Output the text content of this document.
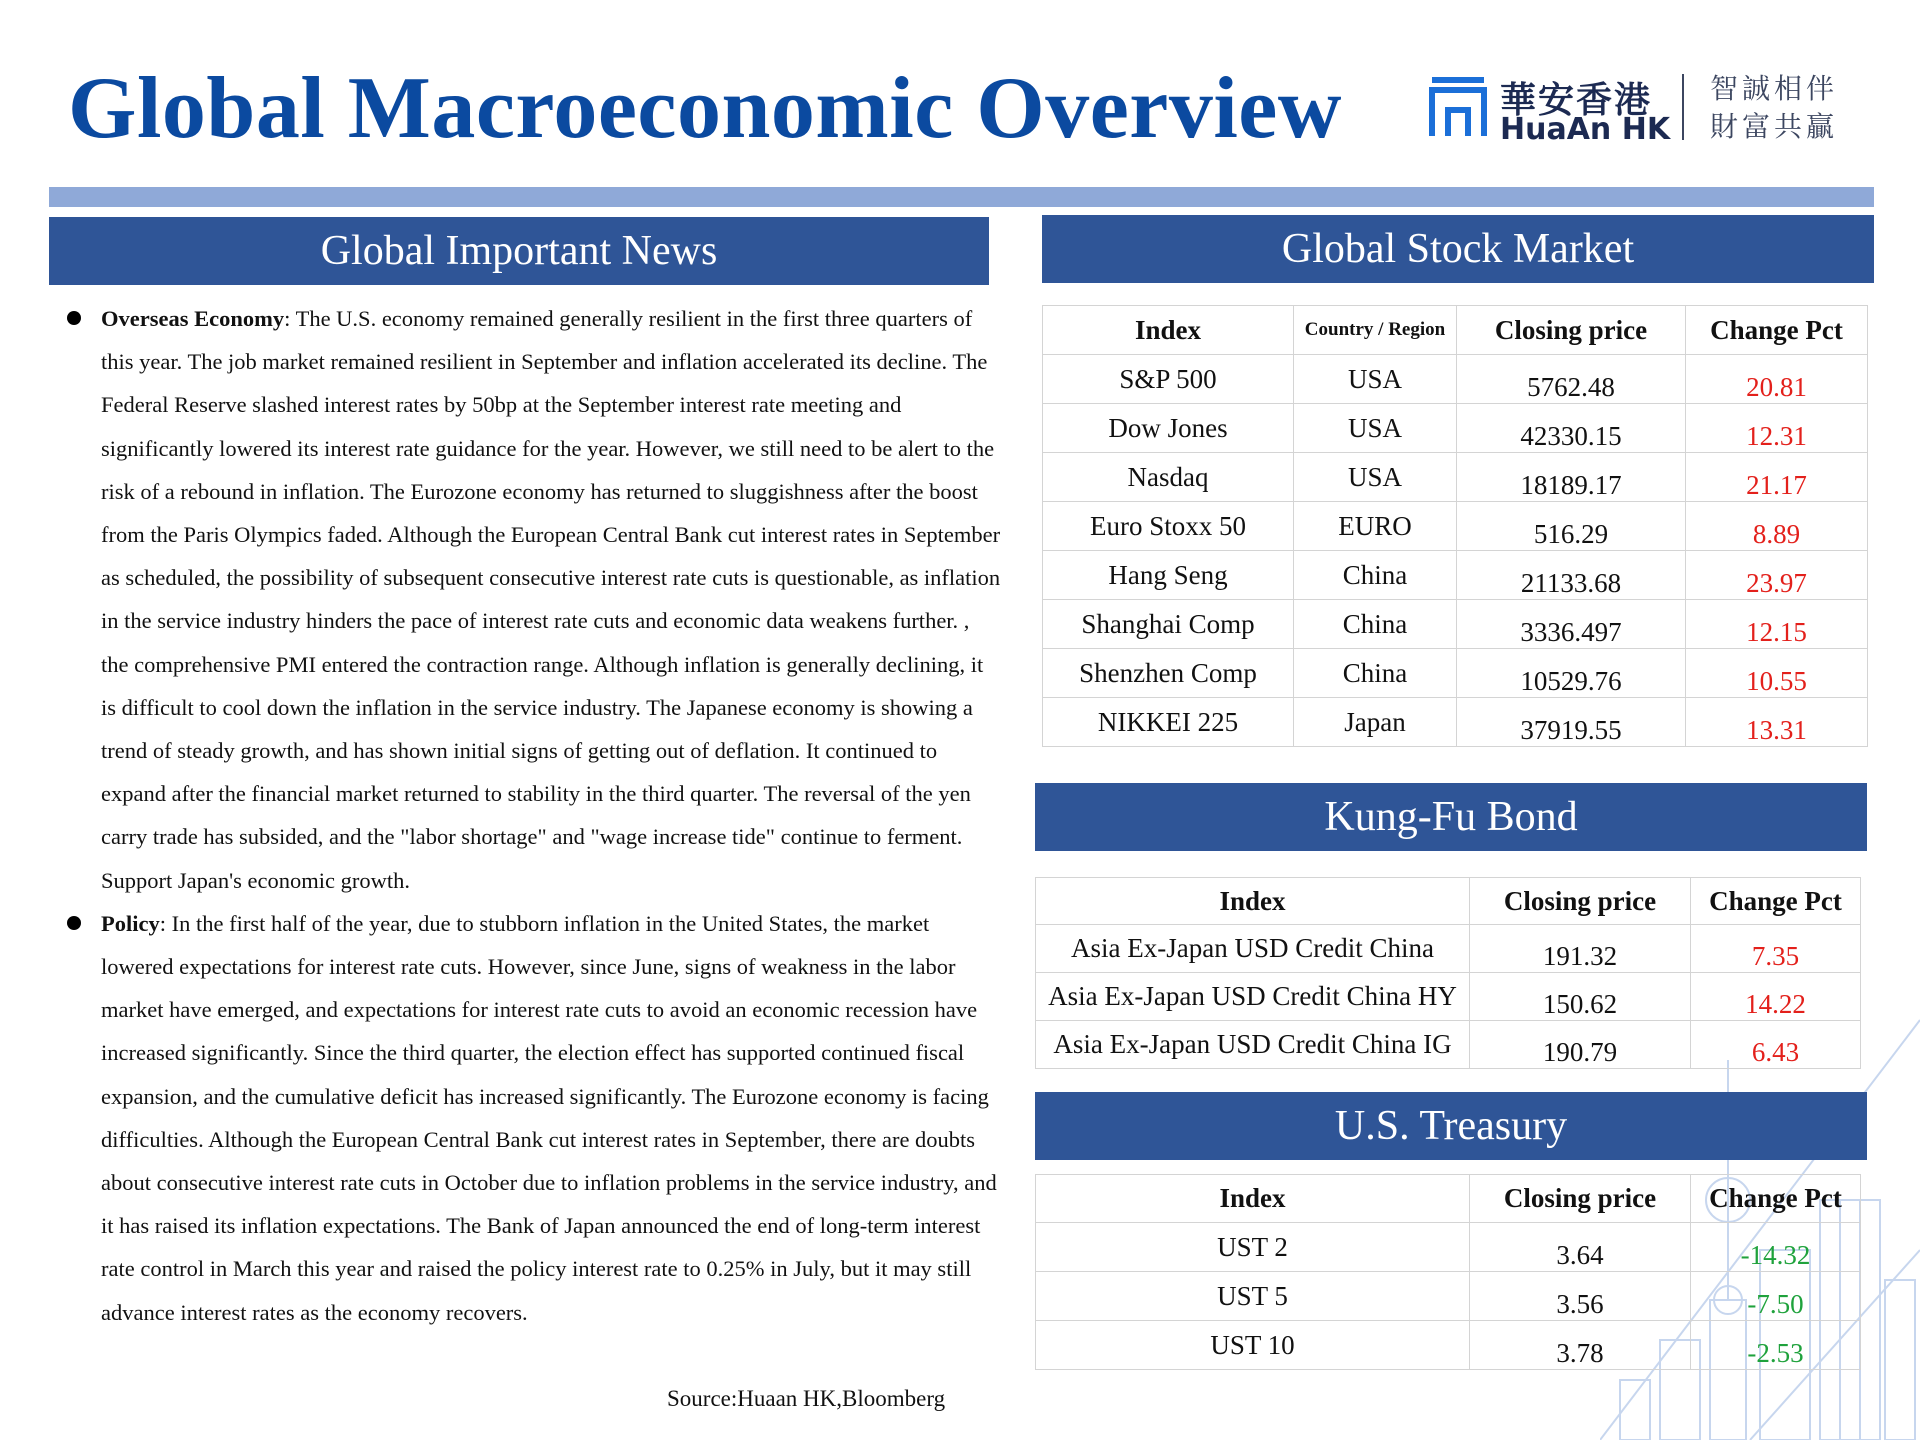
Global Macroeconomic Overview	華安香港
HuaAn HK
智誠相伴
財富共贏
Global Important News
Overseas Economy: The U.S. economy remained generally resilient in the first three quarters of this year. The job market remained resilient in September and inflation accelerated its decline. The Federal Reserve slashed interest rates by 50bp at the September interest rate meeting and significantly lowered its interest rate guidance for the year. However, we still need to be alert to the risk of a rebound in inflation. The Eurozone economy has returned to sluggishness after the boost from the Paris Olympics faded. Although the European Central Bank cut interest rates in September as scheduled, the possibility of subsequent consecutive interest rate cuts is questionable, as inflation in the service industry hinders the pace of interest rate cuts and economic data weakens further. , the comprehensive PMI entered the contraction range. Although inflation is generally declining, it is difficult to cool down the inflation in the service industry. The Japanese economy is showing a trend of steady growth, and has shown initial signs of getting out of deflation. It continued to expand after the financial market returned to stability in the third quarter. The reversal of the yen carry trade has subsided, and the "labor shortage" and "wage increase tide" continue to ferment. Support Japan's economic growth.
Policy: In the first half of the year, due to stubborn inflation in the United States, the market lowered expectations for interest rate cuts. However, since June, signs of weakness in the labor market have emerged, and expectations for interest rate cuts to avoid an economic recession have increased significantly. Since the third quarter, the election effect has supported continued fiscal expansion, and the cumulative deficit has increased significantly. The Eurozone economy is facing difficulties. Although the European Central Bank cut interest rates in September, there are doubts about consecutive interest rate cuts in October due to inflation problems in the service industry, and it has raised its inflation expectations. The Bank of Japan announced the end of long-term interest rate control in March this year and raised the policy interest rate to 0.25% in July, but it may still advance interest rates as the economy recovers.
Source:Huaan HK,Bloomberg
Global Stock Market
Index	Country / Region	Closing price	Change Pct
S&P 500	USA	5762.48	20.81
Dow Jones	USA	42330.15	12.31
Nasdaq	USA	18189.17	21.17
Euro Stoxx 50	EURO	516.29	8.89
Hang Seng	China	21133.68	23.97
Shanghai Comp	China	3336.497	12.15
Shenzhen Comp	China	10529.76	10.55
NIKKEI 225	Japan	37919.55	13.31
Kung-Fu Bond
Index	Closing price	Change Pct
Asia Ex-Japan USD Credit China	191.32	7.35
Asia Ex-Japan USD Credit China HY	150.62	14.22
Asia Ex-Japan USD Credit China IG	190.79	6.43
U.S. Treasury
Index	Closing price	Change Pct
UST 2	3.64	-14.32
UST 5	3.56	-7.50
UST 10	3.78	-2.53
